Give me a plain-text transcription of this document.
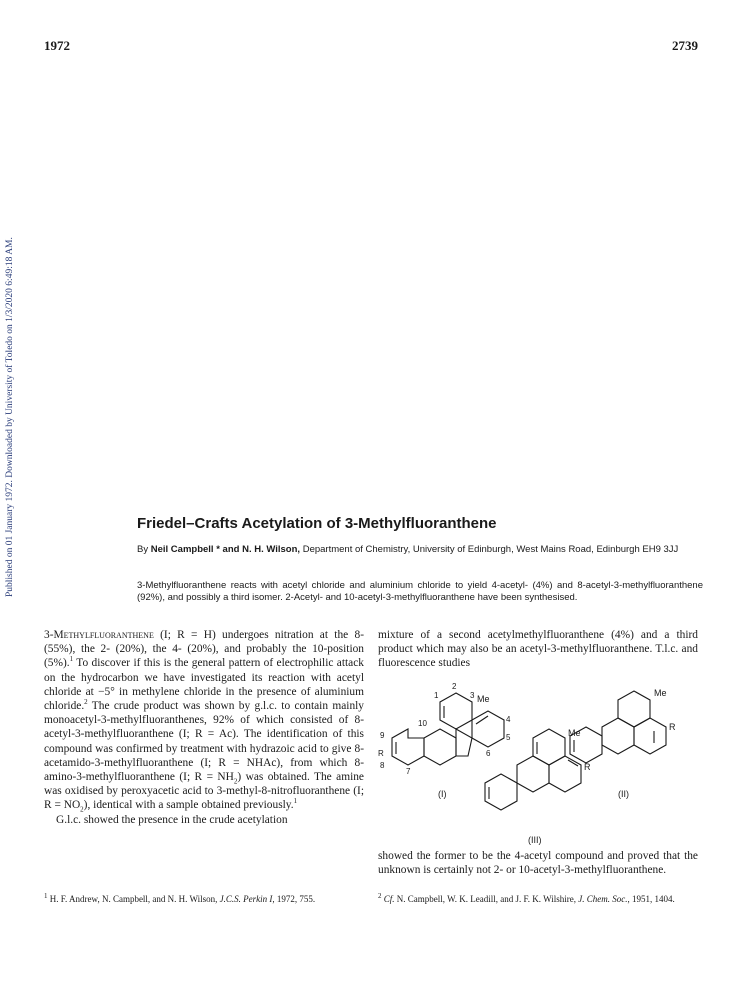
1972	2739
Published on 01 January 1972. Downloaded by University of Toledo on 1/3/2020 6:49:18 AM.	Friedel–Crafts Acetylation of 3-Methylfluoranthene
By Neil Campbell * and N. H. Wilson, Department of Chemistry, University of Edinburgh, West Mains Road, Edinburgh EH9 3JJ
3-Methylfluoranthene reacts with acetyl chloride and aluminium chloride to yield 4-acetyl- (4%) and 8-acetyl-3-methylfluoranthene (92%), and possibly a third isomer. 2-Acetyl- and 10-acetyl-3-methylfluoranthene have been synthesised.

3-Methylfluoranthene (I; R = H) undergoes nitration at the 8- (55%), the 2- (20%), the 4- (20%), and probably the 10-position (5%).$^1$ To discover if this is the general pattern of electrophilic attack on the hydrocarbon we have investigated its reaction with acetyl chloride at −5° in methylene chloride in the presence of aluminium chloride.$^2$ The crude product was shown by g.l.c. to contain mainly monoacetyl-3-methylfluoranthenes, 92% of which consisted of 8-acetyl-3-methylfluoranthene (I; R = Ac). The identification of this compound was confirmed by treatment with hydrazoic acid to give 8-acetamido-3-methylfluoranthene (I; R = NHAc), from which 8-amino-3-methylfluoranthene (I; $R = NH_2$) was obtained. The amine was oxidised by peroxyacetic acid to 3-methyl-8-nitrofluoranthene (I; $R = NO_2$), identical with a sample obtained previously.$^1$

G.l.c. showed the presence in the crude acetylation

mixture of a second acetylmethylfluoranthene (4%) and a third product which may also be an acetyl-3-methylfluoranthene. T.l.c. and fluorescence studies

2
1	3 Me
4
5
6
7
8
R
9
10
(I)
Me
R
(II)
Me
R
(III)

showed the former to be the 4-acetyl compound and proved that the unknown is certainly not 2- or 10-acetyl-3-methylfluoranthene.

$^1$ H. F. Andrew, N. Campbell, and N. H. Wilson, J.C.S. Perkin I, 1972, 755.	$^2$ Cf. N. Campbell, W. K. Leadill, and J. F. K. Wilshire, J. Chem. Soc., 1951, 1404.
